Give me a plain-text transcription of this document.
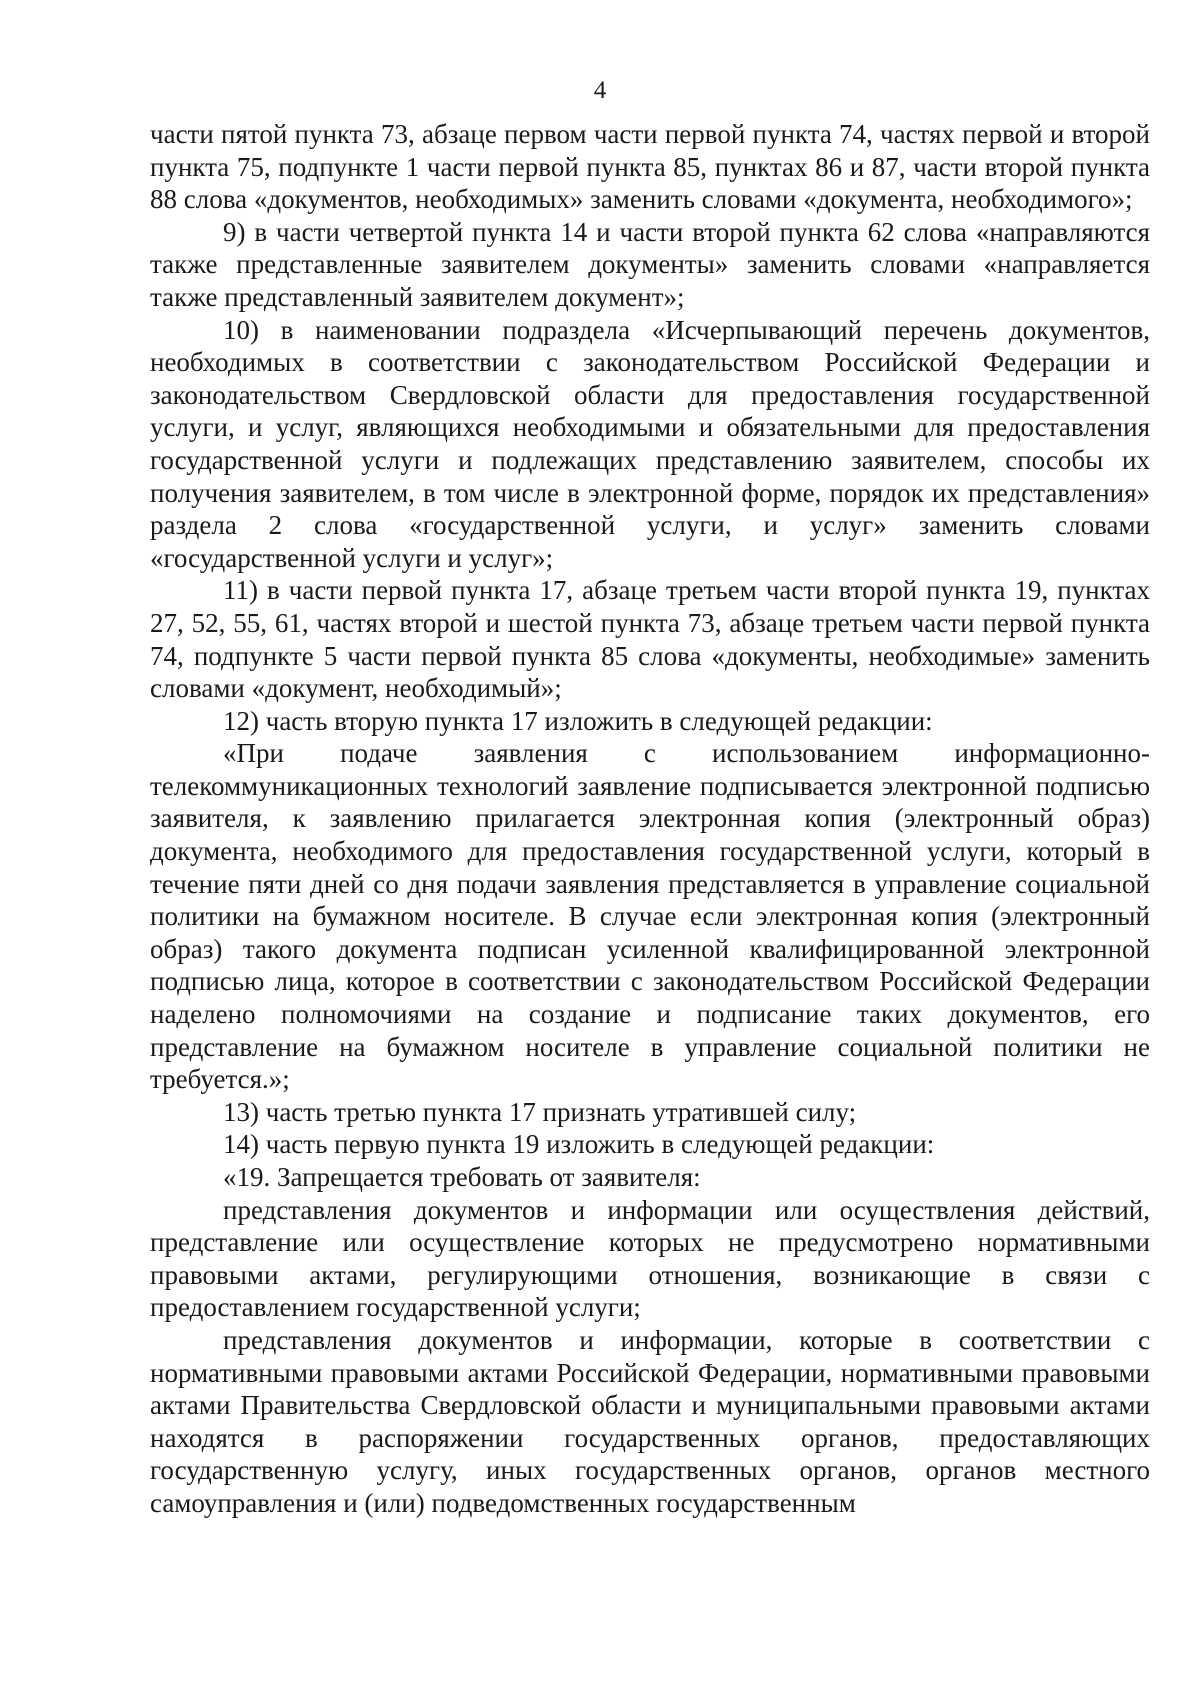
4

части пятой пункта 73, абзаце первом части первой пункта 74, частях первой и второй пункта 75, подпункте 1 части первой пункта 85, пунктах 86 и 87, части второй пункта 88 слова «документов, необходимых» заменить словами «документа, необходимого»;

9) в части четвертой пункта 14 и части второй пункта 62 слова «направляются также представленные заявителем документы» заменить словами «направляется также представленный заявителем документ»;

10) в наименовании подраздела «Исчерпывающий перечень документов, необходимых в соответствии с законодательством Российской Федерации и законодательством Свердловской области для предоставления государственной услуги, и услуг, являющихся необходимыми и обязательными для предоставления государственной услуги и подлежащих представлению заявителем, способы их получения заявителем, в том числе в электронной форме, порядок их представления» раздела 2 слова «государственной услуги, и услуг» заменить словами «государственной услуги и услуг»;

11) в части первой пункта 17, абзаце третьем части второй пункта 19, пунктах 27, 52, 55, 61, частях второй и шестой пункта 73, абзаце третьем части первой пункта 74, подпункте 5 части первой пункта 85 слова «документы, необходимые» заменить словами «документ, необходимый»;

12) часть вторую пункта 17 изложить в следующей редакции:

«При подаче заявления с использованием информационно-телекоммуникационных технологий заявление подписывается электронной подписью заявителя, к заявлению прилагается электронная копия (электронный образ) документа, необходимого для предоставления государственной услуги, который в течение пяти дней со дня подачи заявления представляется в управление социальной политики на бумажном носителе. В случае если электронная копия (электронный образ) такого документа подписан усиленной квалифицированной электронной подписью лица, которое в соответствии с законодательством Российской Федерации наделено полномочиями на создание и подписание таких документов, его представление на бумажном носителе в управление социальной политики не требуется.»;

13) часть третью пункта 17 признать утратившей силу;

14) часть первую пункта 19 изложить в следующей редакции:

«19. Запрещается требовать от заявителя:

представления документов и информации или осуществления действий, представление или осуществление которых не предусмотрено нормативными правовыми актами, регулирующими отношения, возникающие в связи с предоставлением государственной услуги;

представления документов и информации, которые в соответствии с нормативными правовыми актами Российской Федерации, нормативными правовыми актами Правительства Свердловской области и муниципальными правовыми актами находятся в распоряжении государственных органов, предоставляющих государственную услугу, иных государственных органов, органов местного самоуправления и (или) подведомственных государственным
